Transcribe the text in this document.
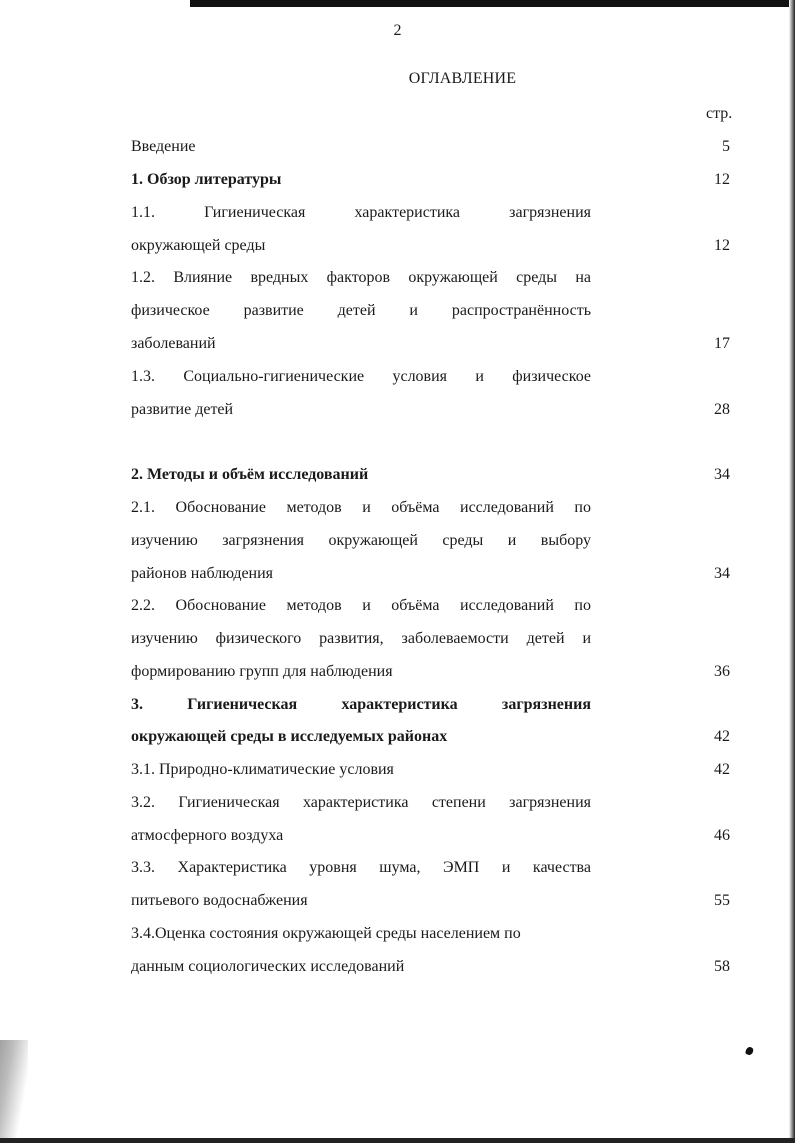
2
ОГЛАВЛЕНИЕ
стр.
Введение
1. Обзор литературы
1.1. Гигиеническая характеристика загрязнения
окружающей среды
1.2. Влияние вредных факторов окружающей среды на
физическое развитие детей и распространённость
заболеваний
1.3. Социально-гигиенические условия и физическое
развитие детей
2. Методы и объём исследований
2.1. Обоснование методов и объёма исследований по
изучению загрязнения окружающей среды и выбору
районов наблюдения
2.2. Обоснование методов и объёма исследований по
изучению физического развития, заболеваемости детей и
формированию групп для наблюдения
3. Гигиеническая характеристика загрязнения
окружающей среды в исследуемых районах
3.1. Природно-климатические условия
3.2. Гигиеническая характеристика степени загрязнения
атмосферного воздуха
3.3. Характеристика уровня шума, ЭМП и качества
питьевого водоснабжения
3.4.Оценка состояния окружающей среды населением по
данным социологических исследований
5
12
12
17
28
34
34
36
42
42
46
55
58
